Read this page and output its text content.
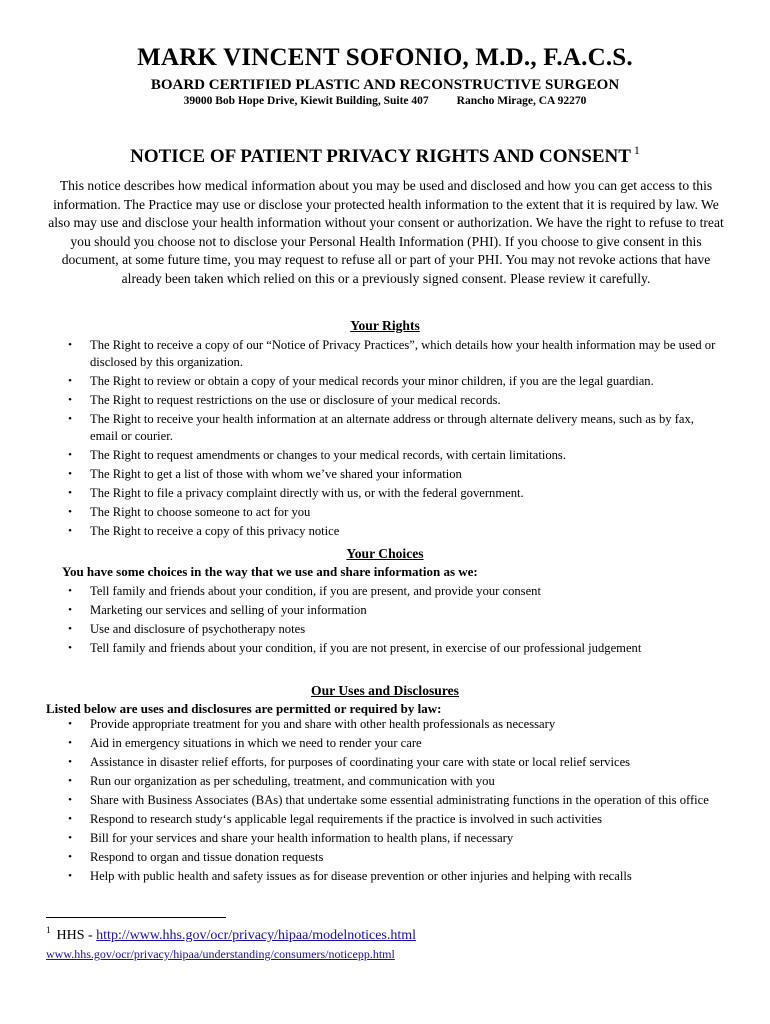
MARK VINCENT SOFONIO, M.D., F.A.C.S.
BOARD CERTIFIED PLASTIC AND RECONSTRUCTIVE SURGEON
39000 Bob Hope Drive, Kiewit Building, Suite 407 Rancho Mirage, CA 92270
NOTICE OF PATIENT PRIVACY RIGHTS AND CONSENT $^1$
This notice describes how medical information about you may be used and disclosed and how you can get access to this information. The Practice may use or disclose your protected health information to the extent that it is required by law. We also may use and disclose your health information without your consent or authorization. We have the right to refuse to treat you should you choose not to disclose your Personal Health Information (PHI). If you choose to give consent in this document, at some future time, you may request to refuse all or part of your PHI. You may not revoke actions that have already been taken which relied on this or a previously signed consent. Please review it carefully.
Your Rights
•	The Right to receive a copy of our “Notice of Privacy Practices”, which details how your health information may be used or disclosed by this organization.
•	The Right to review or obtain a copy of your medical records your minor children, if you are the legal guardian.
•	The Right to request restrictions on the use or disclosure of your medical records.
•	The Right to receive your health information at an alternate address or through alternate delivery means, such as by fax, email or courier.
•	The Right to request amendments or changes to your medical records, with certain limitations.
•	The Right to get a list of those with whom we’ve shared your information
•	The Right to file a privacy complaint directly with us, or with the federal government.
•	The Right to choose someone to act for you
•	The Right to receive a copy of this privacy notice
Your Choices
You have some choices in the way that we use and share information as we:
•	Tell family and friends about your condition, if you are present, and provide your consent
•	Marketing our services and selling of your information
•	Use and disclosure of psychotherapy notes
•	Tell family and friends about your condition, if you are not present, in exercise of our professional judgement
Our Uses and Disclosures
Listed below are uses and disclosures are permitted or required by law:
•	Provide appropriate treatment for you and share with other health professionals as necessary
•	Aid in emergency situations in which we need to render your care
•	Assistance in disaster relief efforts, for purposes of coordinating your care with state or local relief services
•	Run our organization as per scheduling, treatment, and communication with you
•	Share with Business Associates (BAs) that undertake some essential administrating functions in the operation of this office
•	Respond to research study‘s applicable legal requirements if the practice is involved in such activities
•	Bill for your services and share your health information to health plans, if necessary
•	Respond to organ and tissue donation requests
•	Help with public health and safety issues as for disease prevention or other injuries and helping with recalls
$^1$ HHS - http://www.hhs.gov/ocr/privacy/hipaa/modelnotices.html
www.hhs.gov/ocr/privacy/hipaa/understanding/consumers/noticepp.html
